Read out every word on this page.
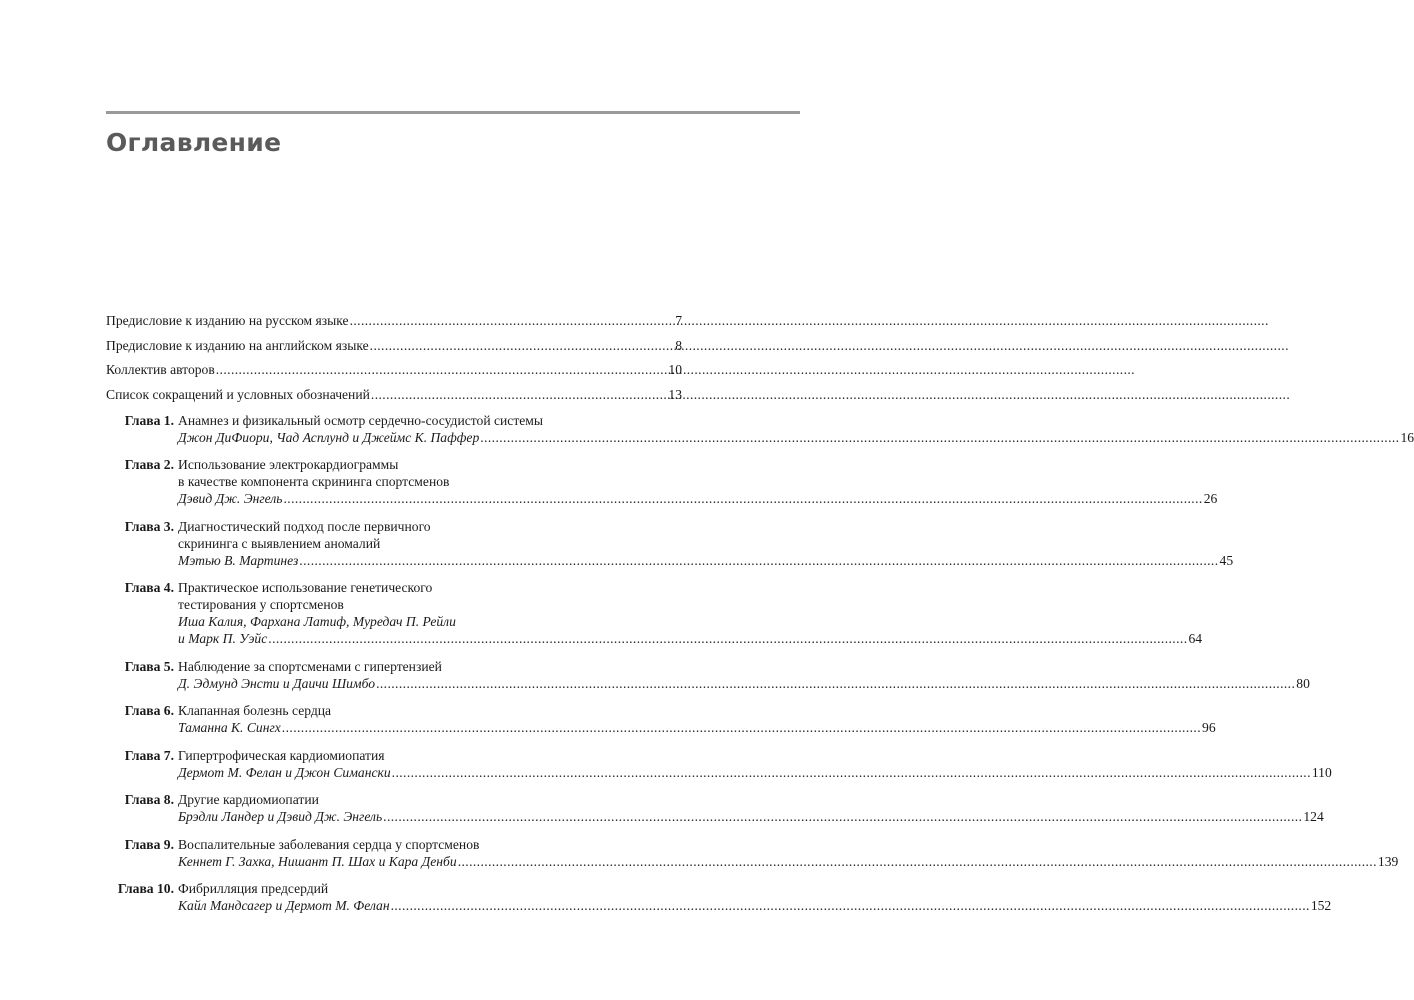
Оглавление
Предисловие к изданию на русском языке .....	7
Предисловие к изданию на английском языке .....	8
Коллектив авторов .....	10
Список сокращений и условных обозначений .....	13
Глава 1. Анамнез и физикальный осмотр сердечно-сосудистой системы
Джон ДиФиори, Чад Асплунд и Джеймс К. Паффер .....	16
Глава 2. Использование электрокардиограммы
в качестве компонента скрининга спортсменов
Дэвид Дж. Энгель .....	26
Глава 3. Диагностический подход после первичного
скрининга с выявлением аномалий
Мэтью В. Мартинез .....	45
Глава 4. Практическое использование генетического
тестирования у спортсменов
Иша Калия, Фархана Латиф, Муредач П. Рейли
и Марк П. Уэйс .....	64
Глава 5. Наблюдение за спортсменами с гипертензией
Д. Эдмунд Энсти и Даичи Шимбо .....	80
Глава 6. Клапанная болезнь сердца
Таманна К. Сингх .....	96
Глава 7. Гипертрофическая кардиомиопатия
Дермот М. Фелан и Джон Симански .....	110
Глава 8. Другие кардиомиопатии
Брэдли Ландер и Дэвид Дж. Энгель .....	124
Глава 9. Воспалительные заболевания сердца у спортсменов
Кеннет Г. Захка, Нишант П. Шах и Кара Денби .....	139
Глава 10. Фибрилляция предсердий
Кайл Мандсагер и Дермот М. Фелан .....	152
